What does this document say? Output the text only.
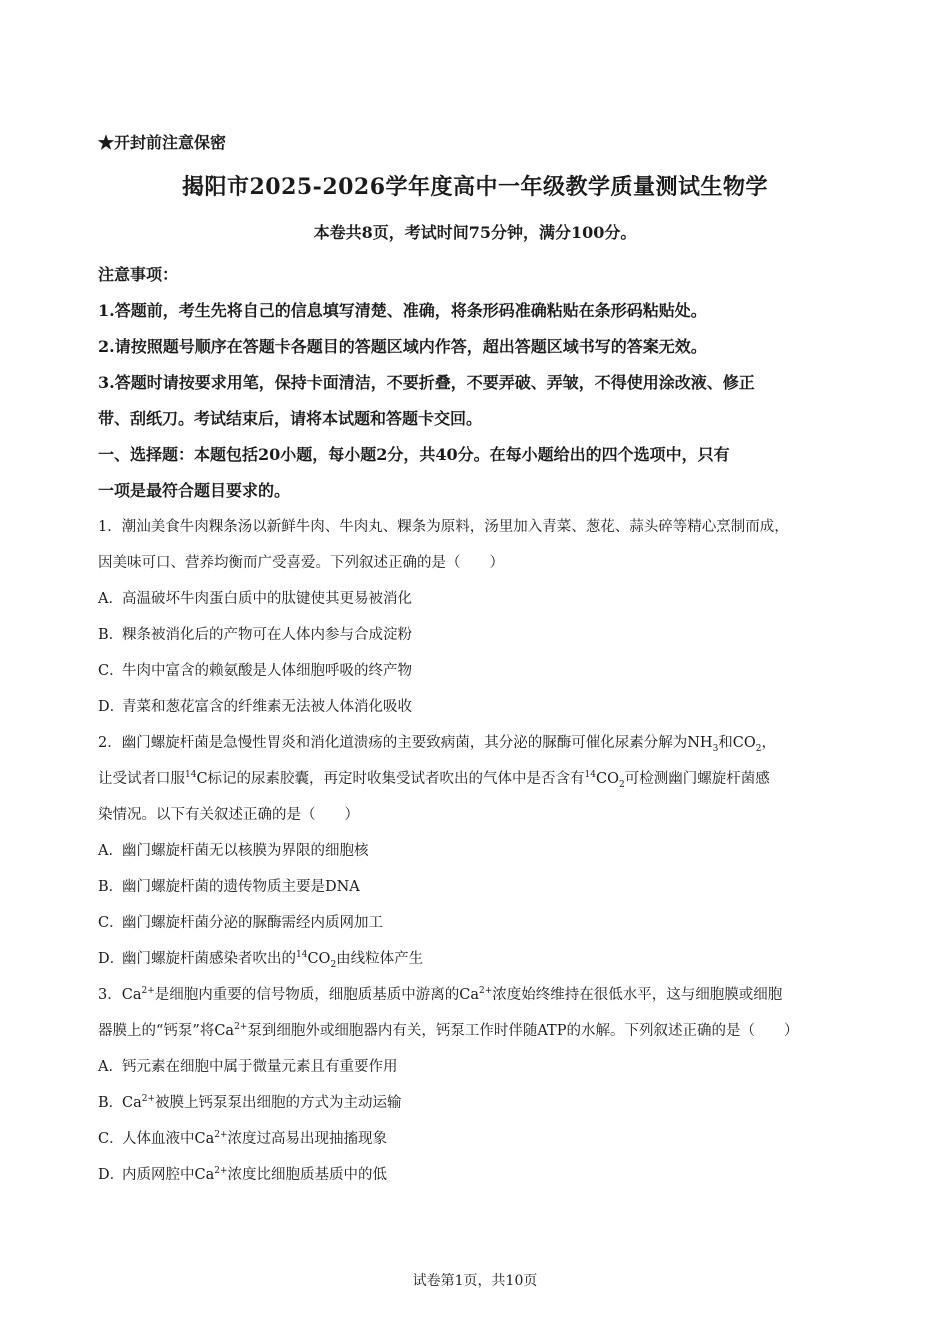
★开封前注意保密
揭阳市2025-2026学年度高中一年级教学质量测试生物学
本卷共8页，考试时间75分钟，满分100分。
注意事项：
1.答题前，考生先将自己的信息填写清楚、准确，将条形码准确粘贴在条形码粘贴处。
2.请按照题号顺序在答题卡各题目的答题区域内作答，超出答题区域书写的答案无效。
3.答题时请按要求用笔，保持卡面清洁，不要折叠，不要弄破、弄皱，不得使用涂改液、修正
带、刮纸刀。考试结束后，请将本试题和答题卡交回。
一、选择题：本题包括20小题，每小题2分，共40分。在每小题给出的四个选项中，只有
一项是最符合题目要求的。
1．潮汕美食牛肉粿条汤以新鲜牛肉、牛肉丸、粿条为原料，汤里加入青菜、葱花、蒜头碎等精心烹制而成，
因美味可口、营养均衡而广受喜爱。下列叙述正确的是（　　）
A．高温破坏牛肉蛋白质中的肽键使其更易被消化
B．粿条被消化后的产物可在人体内参与合成淀粉
C．牛肉中富含的赖氨酸是人体细胞呼吸的终产物
D．青菜和葱花富含的纤维素无法被人体消化吸收
2．幽门螺旋杆菌是急慢性胃炎和消化道溃疡的主要致病菌，其分泌的脲酶可催化尿素分解为$NH_3$和$CO_2$，
让受试者口服$^{14}$C标记的尿素胶囊，再定时收集受试者吹出的气体中是否含有$^{14}CO_2$可检测幽门螺旋杆菌感
染情况。以下有关叙述正确的是（　　）
A．幽门螺旋杆菌无以核膜为界限的细胞核
B．幽门螺旋杆菌的遗传物质主要是DNA
C．幽门螺旋杆菌分泌的脲酶需经内质网加工
D．幽门螺旋杆菌感染者吹出的$^{14}CO_2$由线粒体产生
3．$Ca^{2+}$是细胞内重要的信号物质，细胞质基质中游离的$Ca^{2+}$浓度始终维持在很低水平，这与细胞膜或细胞
器膜上的“钙泵”将$Ca^{2+}$泵到细胞外或细胞器内有关，钙泵工作时伴随ATP的水解。下列叙述正确的是（　　）
A．钙元素在细胞中属于微量元素且有重要作用
B．$Ca^{2+}$被膜上钙泵泵出细胞的方式为主动运输
C．人体血液中$Ca^{2+}$浓度过高易出现抽搐现象
D．内质网腔中$Ca^{2+}$浓度比细胞质基质中的低
试卷第1页，共10页
